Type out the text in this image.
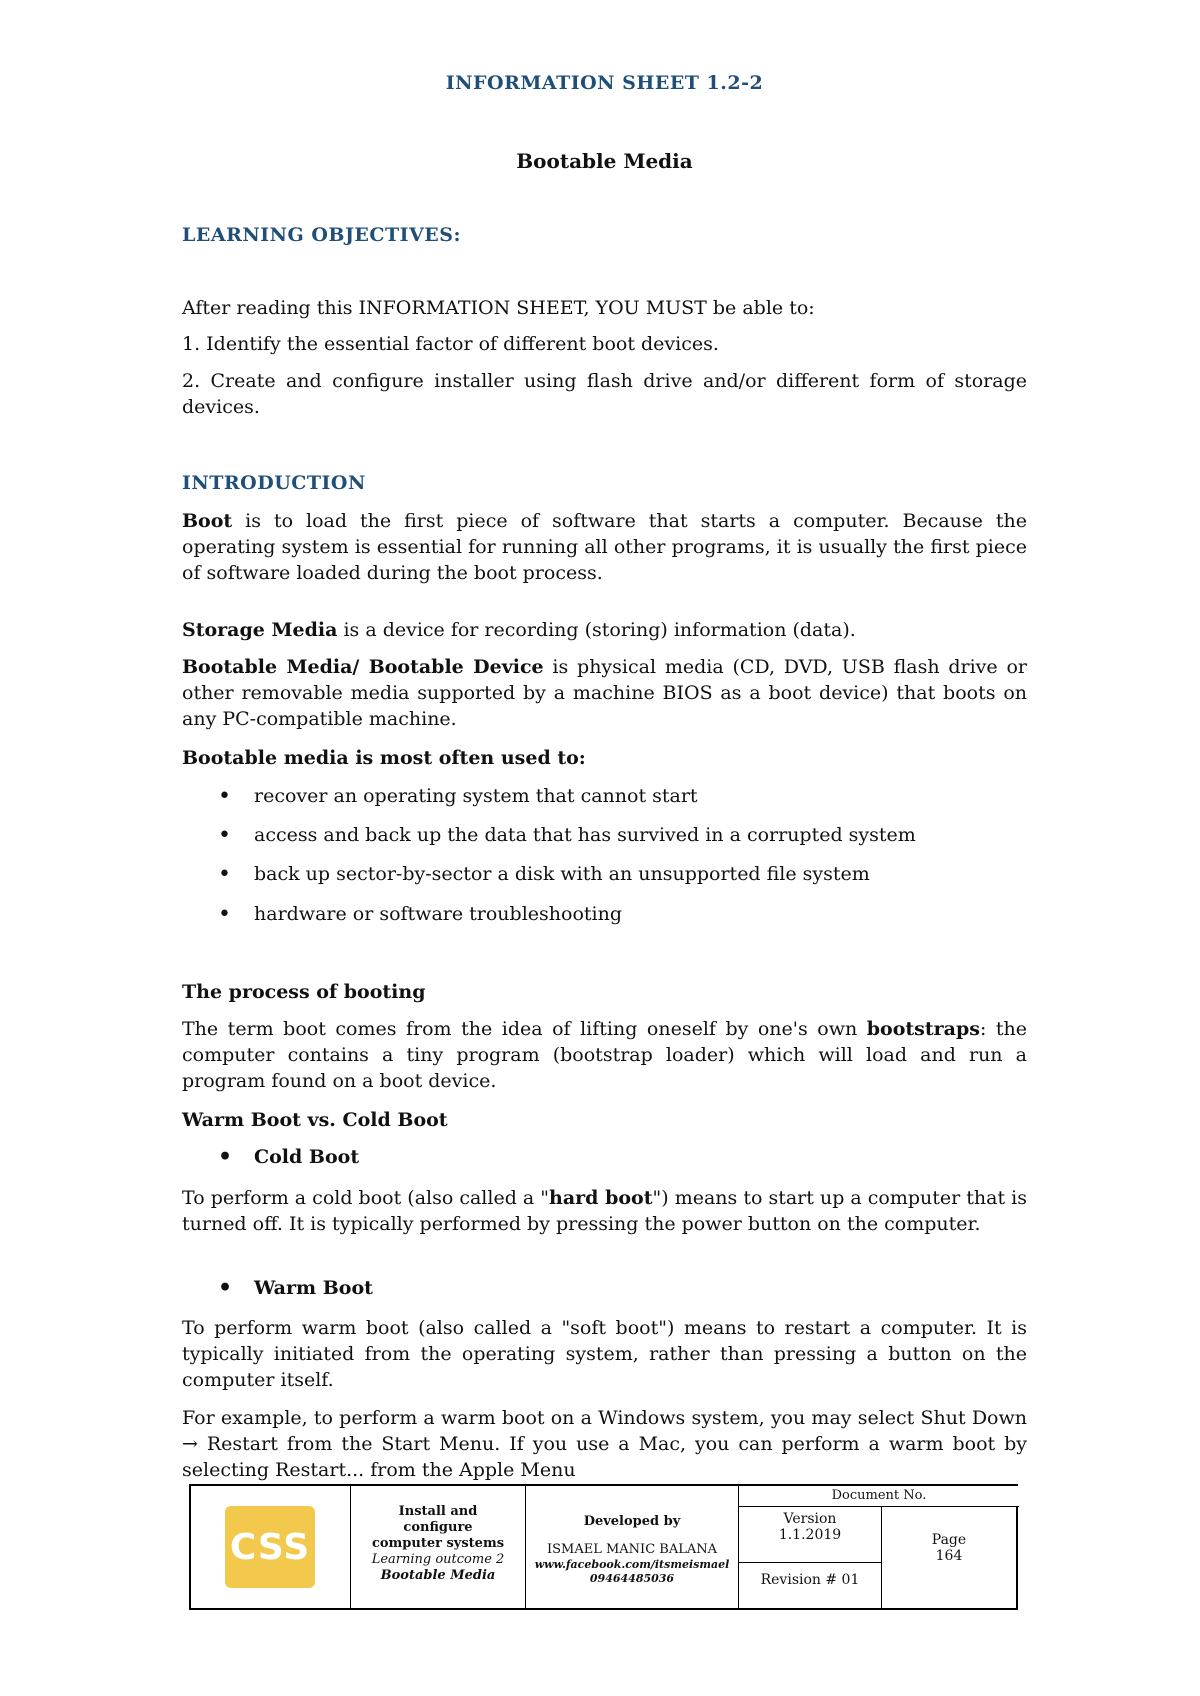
INFORMATION SHEET 1.2-2
Bootable Media
LEARNING OBJECTIVES:
After reading this INFORMATION SHEET, YOU MUST be able to:
1. Identify the essential factor of different boot devices.
2. Create and configure installer using flash drive and/or different form of storage devices.
INTRODUCTION
Boot is to load the first piece of software that starts a computer. Because the operating system is essential for running all other programs, it is usually the first piece of software loaded during the boot process.
Storage Media is a device for recording (storing) information (data).
Bootable Media/ Bootable Device is physical media (CD, DVD, USB flash drive or other removable media supported by a machine BIOS as a boot device) that boots on any PC-compatible machine.
Bootable media is most often used to:
• recover an operating system that cannot start
• access and back up the data that has survived in a corrupted system
• back up sector-by-sector a disk with an unsupported file system
• hardware or software troubleshooting
The process of booting
The term boot comes from the idea of lifting oneself by one's own bootstraps: the computer contains a tiny program (bootstrap loader) which will load and run a program found on a boot device.
Warm Boot vs. Cold Boot
• Cold Boot
To perform a cold boot (also called a "hard boot") means to start up a computer that is turned off. It is typically performed by pressing the power button on the computer.
• Warm Boot
To perform warm boot (also called a "soft boot") means to restart a computer. It is typically initiated from the operating system, rather than pressing a button on the computer itself.
For example, to perform a warm boot on a Windows system, you may select Shut Down → Restart from the Start Menu. If you use a Mac, you can perform a warm boot by selecting Restart... from the Apple Menu
CSS
Install and
configure
computer systems
Learning outcome 2
Bootable Media
Developed by
ISMAEL MANIC BALANA
www.facebook.com/itsmeismael
09464485036
Document No.
Version
1.1.2019
Revision # 01
Page
164
